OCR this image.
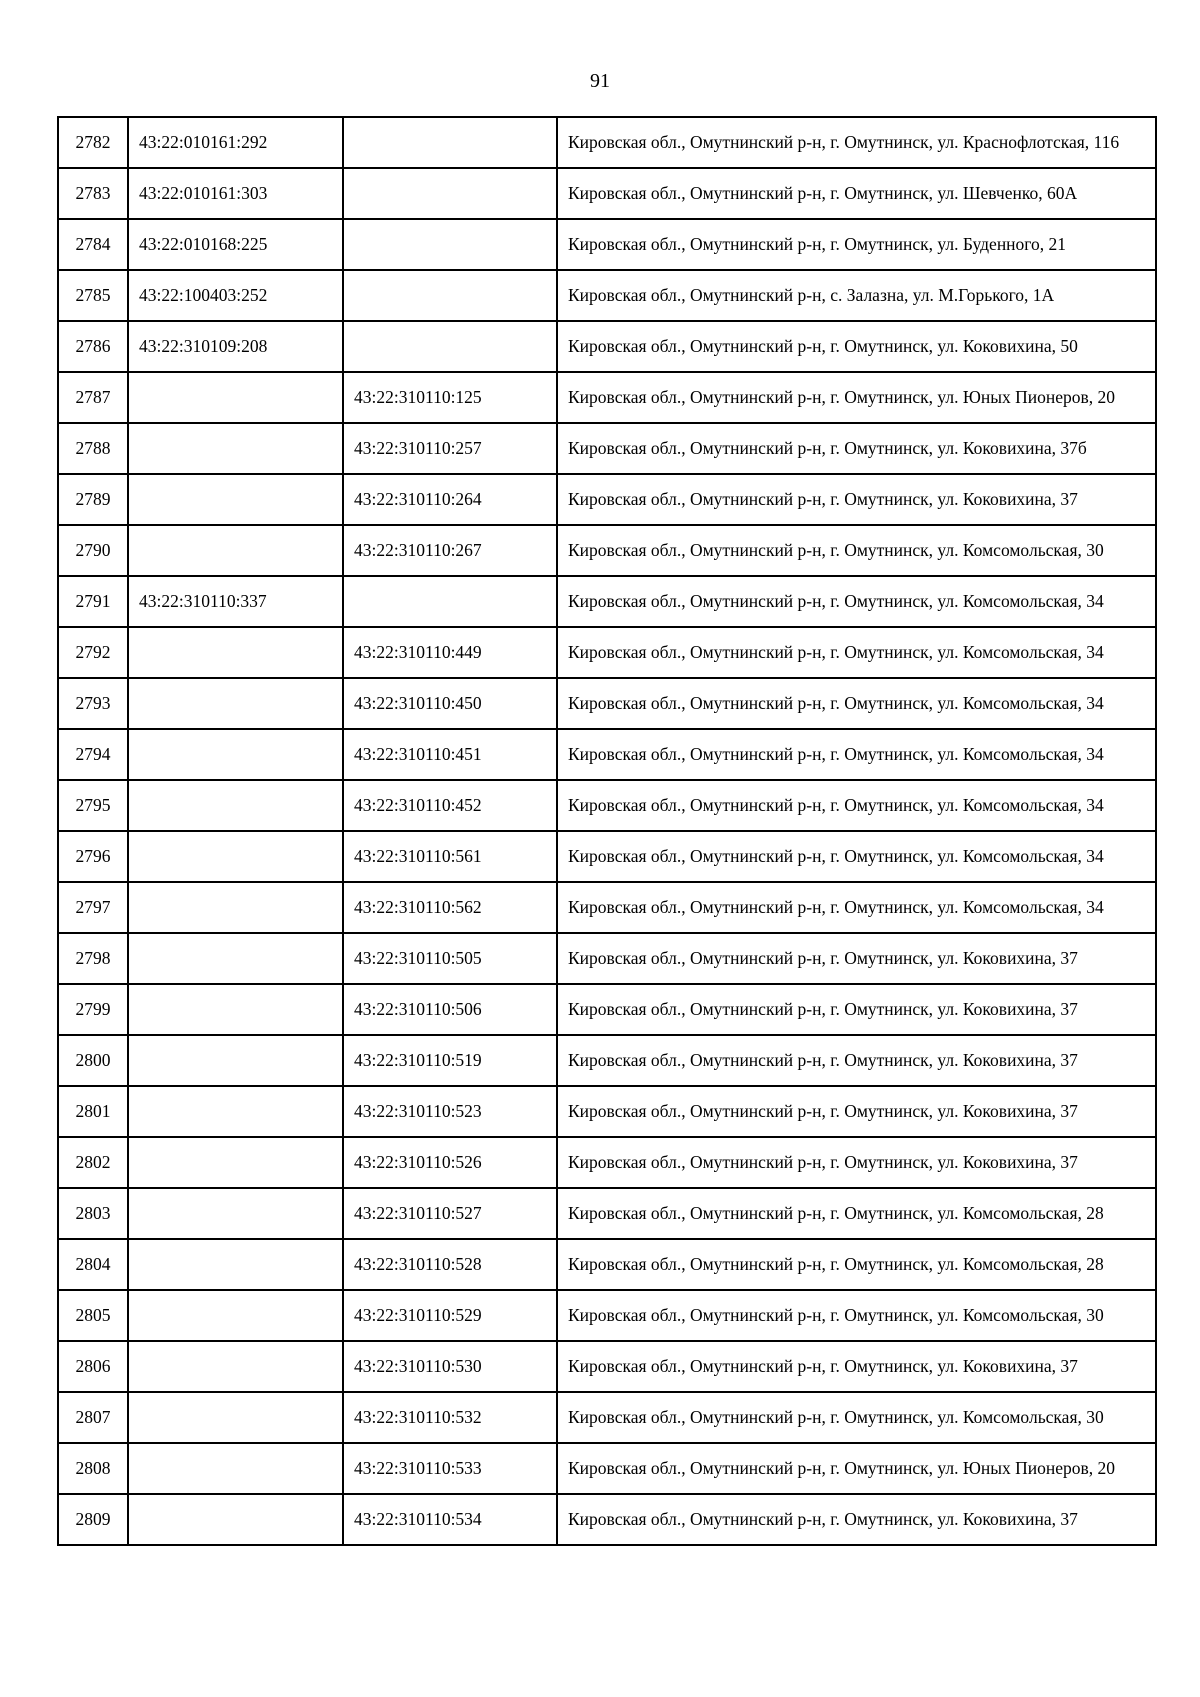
91
2782	43:22:010161:292		Кировская обл., Омутнинский р-н, г. Омутнинск, ул. Краснофлотская, 116
2783	43:22:010161:303		Кировская обл., Омутнинский р-н, г. Омутнинск, ул. Шевченко, 60А
2784	43:22:010168:225		Кировская обл., Омутнинский р-н, г. Омутнинск, ул. Буденного, 21
2785	43:22:100403:252		Кировская обл., Омутнинский р-н, с. Залазна, ул. М.Горького, 1А
2786	43:22:310109:208		Кировская обл., Омутнинский р-н, г. Омутнинск, ул. Коковихина, 50
2787		43:22:310110:125	Кировская обл., Омутнинский р-н, г. Омутнинск, ул. Юных Пионеров, 20
2788		43:22:310110:257	Кировская обл., Омутнинский р-н, г. Омутнинск, ул. Коковихина, 37б
2789		43:22:310110:264	Кировская обл., Омутнинский р-н, г. Омутнинск, ул. Коковихина, 37
2790		43:22:310110:267	Кировская обл., Омутнинский р-н, г. Омутнинск, ул. Комсомольская, 30
2791	43:22:310110:337		Кировская обл., Омутнинский р-н, г. Омутнинск, ул. Комсомольская, 34
2792		43:22:310110:449	Кировская обл., Омутнинский р-н, г. Омутнинск, ул. Комсомольская, 34
2793		43:22:310110:450	Кировская обл., Омутнинский р-н, г. Омутнинск, ул. Комсомольская, 34
2794		43:22:310110:451	Кировская обл., Омутнинский р-н, г. Омутнинск, ул. Комсомольская, 34
2795		43:22:310110:452	Кировская обл., Омутнинский р-н, г. Омутнинск, ул. Комсомольская, 34
2796		43:22:310110:561	Кировская обл., Омутнинский р-н, г. Омутнинск, ул. Комсомольская, 34
2797		43:22:310110:562	Кировская обл., Омутнинский р-н, г. Омутнинск, ул. Комсомольская, 34
2798		43:22:310110:505	Кировская обл., Омутнинский р-н, г. Омутнинск, ул. Коковихина, 37
2799		43:22:310110:506	Кировская обл., Омутнинский р-н, г. Омутнинск, ул. Коковихина, 37
2800		43:22:310110:519	Кировская обл., Омутнинский р-н, г. Омутнинск, ул. Коковихина, 37
2801		43:22:310110:523	Кировская обл., Омутнинский р-н, г. Омутнинск, ул. Коковихина, 37
2802		43:22:310110:526	Кировская обл., Омутнинский р-н, г. Омутнинск, ул. Коковихина, 37
2803		43:22:310110:527	Кировская обл., Омутнинский р-н, г. Омутнинск, ул. Комсомольская, 28
2804		43:22:310110:528	Кировская обл., Омутнинский р-н, г. Омутнинск, ул. Комсомольская, 28
2805		43:22:310110:529	Кировская обл., Омутнинский р-н, г. Омутнинск, ул. Комсомольская, 30
2806		43:22:310110:530	Кировская обл., Омутнинский р-н, г. Омутнинск, ул. Коковихина, 37
2807		43:22:310110:532	Кировская обл., Омутнинский р-н, г. Омутнинск, ул. Комсомольская, 30
2808		43:22:310110:533	Кировская обл., Омутнинский р-н, г. Омутнинск, ул. Юных Пионеров, 20
2809		43:22:310110:534	Кировская обл., Омутнинский р-н, г. Омутнинск, ул. Коковихина, 37
